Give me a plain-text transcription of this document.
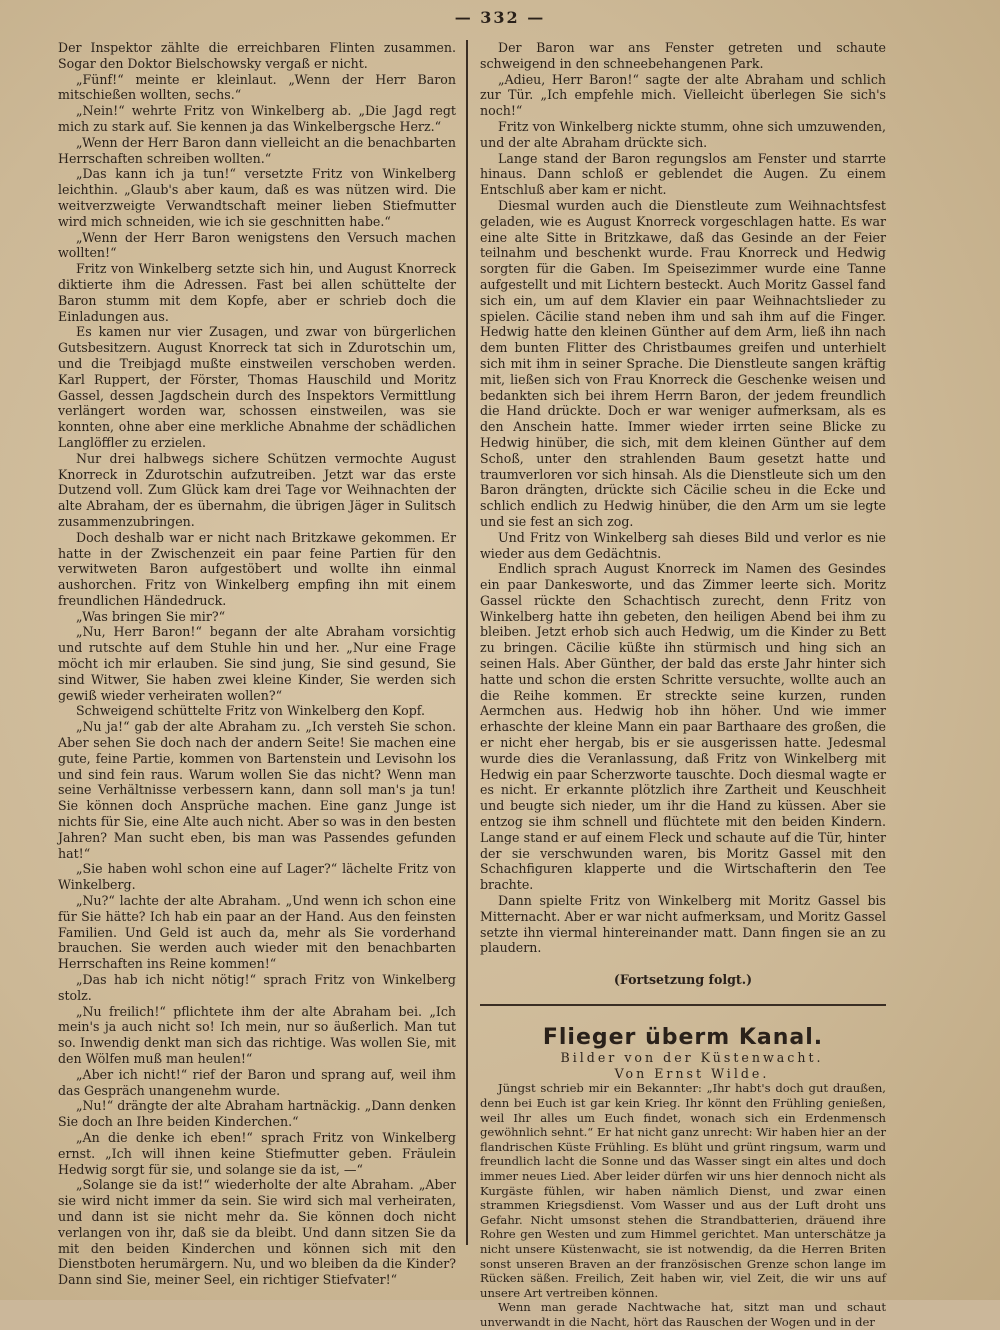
— 332 —

Der Inspektor zählte die erreichbaren Flinten zusammen. Sogar den Doktor Bielschowsky vergaß er nicht.

„Fünf!“ meinte er kleinlaut. „Wenn der Herr Baron mitschießen wollten, sechs.“

„Nein!“ wehrte Fritz von Winkelberg ab. „Die Jagd regt mich zu stark auf. Sie kennen ja das Winkelbergsche Herz.“

„Wenn der Herr Baron dann vielleicht an die benachbarten Herrschaften schreiben wollten.“

„Das kann ich ja tun!“ versetzte Fritz von Winkelberg leichthin. „Glaub's aber kaum, daß es was nützen wird. Die weitverzweigte Verwandtschaft meiner lieben Stiefmutter wird mich schneiden, wie ich sie geschnitten habe.“

„Wenn der Herr Baron wenigstens den Versuch machen wollten!“

Fritz von Winkelberg setzte sich hin, und August Knorreck diktierte ihm die Adressen. Fast bei allen schüttelte der Baron stumm mit dem Kopfe, aber er schrieb doch die Einladungen aus.

Es kamen nur vier Zusagen, und zwar von bürgerlichen Gutsbesitzern. August Knorreck tat sich in Zdurotschin um, und die Treibjagd mußte einstweilen verschoben werden. Karl Ruppert, der Förster, Thomas Hauschild und Moritz Gassel, dessen Jagdschein durch des Inspektors Vermittlung verlängert worden war, schossen einstweilen, was sie konnten, ohne aber eine merkliche Abnahme der schädlichen Langlöffler zu erzielen.

Nur drei halbwegs sichere Schützen vermochte August Knorreck in Zdurotschin aufzutreiben. Jetzt war das erste Dutzend voll. Zum Glück kam drei Tage vor Weihnachten der alte Abraham, der es übernahm, die übrigen Jäger in Sulitsch zusammenzubringen.

Doch deshalb war er nicht nach Britzkawe gekommen. Er hatte in der Zwischenzeit ein paar feine Partien für den verwitweten Baron aufgestöbert und wollte ihn einmal aushorchen. Fritz von Winkelberg empfing ihn mit einem freundlichen Händedruck.

„Was bringen Sie mir?“

„Nu, Herr Baron!“ begann der alte Abraham vorsichtig und rutschte auf dem Stuhle hin und her. „Nur eine Frage möcht ich mir erlauben. Sie sind jung, Sie sind gesund, Sie sind Witwer, Sie haben zwei kleine Kinder, Sie werden sich gewiß wieder verheiraten wollen?“

Schweigend schüttelte Fritz von Winkelberg den Kopf.

„Nu ja!“ gab der alte Abraham zu. „Ich versteh Sie schon. Aber sehen Sie doch nach der andern Seite! Sie machen eine gute, feine Partie, kommen von Bartenstein und Levisohn los und sind fein raus. Warum wollen Sie das nicht? Wenn man seine Verhältnisse verbessern kann, dann soll man's ja tun! Sie können doch Ansprüche machen. Eine ganz Junge ist nichts für Sie, eine Alte auch nicht. Aber so was in den besten Jahren? Man sucht eben, bis man was Passendes gefunden hat!“

„Sie haben wohl schon eine auf Lager?“ lächelte Fritz von Winkelberg.

„Nu?“ lachte der alte Abraham. „Und wenn ich schon eine für Sie hätte? Ich hab ein paar an der Hand. Aus den feinsten Familien. Und Geld ist auch da, mehr als Sie vorderhand brauchen. Sie werden auch wieder mit den benachbarten Herrschaften ins Reine kommen!“

„Das hab ich nicht nötig!“ sprach Fritz von Winkelberg stolz.

„Nu freilich!“ pflichtete ihm der alte Abraham bei. „Ich mein's ja auch nicht so! Ich mein, nur so äußerlich. Man tut so. Inwendig denkt man sich das richtige. Was wollen Sie, mit den Wölfen muß man heulen!“

„Aber ich nicht!“ rief der Baron und sprang auf, weil ihm das Gespräch unangenehm wurde.

„Nu!“ drängte der alte Abraham hartnäckig. „Dann denken Sie doch an Ihre beiden Kinderchen.“

„An die denke ich eben!“ sprach Fritz von Winkelberg ernst. „Ich will ihnen keine Stiefmutter geben. Fräulein Hedwig sorgt für sie, und solange sie da ist, —“

„Solange sie da ist!“ wiederholte der alte Abraham. „Aber sie wird nicht immer da sein. Sie wird sich mal verheiraten, und dann ist sie nicht mehr da. Sie können doch nicht verlangen von ihr, daß sie da bleibt. Und dann sitzen Sie da mit den beiden Kinderchen und können sich mit den Dienstboten herumärgern. Nu, und wo bleiben da die Kinder? Dann sind Sie, meiner Seel, ein richtiger Stiefvater!“

Der Baron war ans Fenster getreten und schaute schweigend in den schneebehangenen Park.

„Adieu, Herr Baron!“ sagte der alte Abraham und schlich zur Tür. „Ich empfehle mich. Vielleicht überlegen Sie sich's noch!“

Fritz von Winkelberg nickte stumm, ohne sich umzuwenden, und der alte Abraham drückte sich.

Lange stand der Baron regungslos am Fenster und starrte hinaus. Dann schloß er geblendet die Augen. Zu einem Entschluß aber kam er nicht.

Diesmal wurden auch die Dienstleute zum Weihnachtsfest geladen, wie es August Knorreck vorgeschlagen hatte. Es war eine alte Sitte in Britzkawe, daß das Gesinde an der Feier teilnahm und beschenkt wurde. Frau Knorreck und Hedwig sorgten für die Gaben. Im Speisezimmer wurde eine Tanne aufgestellt und mit Lichtern besteckt. Auch Moritz Gassel fand sich ein, um auf dem Klavier ein paar Weihnachtslieder zu spielen. Cäcilie stand neben ihm und sah ihm auf die Finger. Hedwig hatte den kleinen Günther auf dem Arm, ließ ihn nach dem bunten Flitter des Christbaumes greifen und unterhielt sich mit ihm in seiner Sprache. Die Dienstleute sangen kräftig mit, ließen sich von Frau Knorreck die Geschenke weisen und bedankten sich bei ihrem Herrn Baron, der jedem freundlich die Hand drückte. Doch er war weniger aufmerksam, als es den Anschein hatte. Immer wieder irrten seine Blicke zu Hedwig hinüber, die sich, mit dem kleinen Günther auf dem Schoß, unter den strahlenden Baum gesetzt hatte und traumverloren vor sich hinsah. Als die Dienstleute sich um den Baron drängten, drückte sich Cäcilie scheu in die Ecke und schlich endlich zu Hedwig hinüber, die den Arm um sie legte und sie fest an sich zog.

Und Fritz von Winkelberg sah dieses Bild und verlor es nie wieder aus dem Gedächtnis.

Endlich sprach August Knorreck im Namen des Gesindes ein paar Dankesworte, und das Zimmer leerte sich. Moritz Gassel rückte den Schachtisch zurecht, denn Fritz von Winkelberg hatte ihn gebeten, den heiligen Abend bei ihm zu bleiben. Jetzt erhob sich auch Hedwig, um die Kinder zu Bett zu bringen. Cäcilie küßte ihn stürmisch und hing sich an seinen Hals. Aber Günther, der bald das erste Jahr hinter sich hatte und schon die ersten Schritte versuchte, wollte auch an die Reihe kommen. Er streckte seine kurzen, runden Aermchen aus. Hedwig hob ihn höher. Und wie immer erhaschte der kleine Mann ein paar Barthaare des großen, die er nicht eher hergab, bis er sie ausgerissen hatte. Jedesmal wurde dies die Veranlassung, daß Fritz von Winkelberg mit Hedwig ein paar Scherzworte tauschte. Doch diesmal wagte er es nicht. Er erkannte plötzlich ihre Zartheit und Keuschheit und beugte sich nieder, um ihr die Hand zu küssen. Aber sie entzog sie ihm schnell und flüchtete mit den beiden Kindern. Lange stand er auf einem Fleck und schaute auf die Tür, hinter der sie verschwunden waren, bis Moritz Gassel mit den Schachfiguren klapperte und die Wirtschafterin den Tee brachte.

Dann spielte Fritz von Winkelberg mit Moritz Gassel bis Mitternacht. Aber er war nicht aufmerksam, und Moritz Gassel setzte ihn viermal hintereinander matt. Dann fingen sie an zu plaudern.

(Fortsetzung folgt.)

Flieger überm Kanal.

Bilder von der Küstenwacht.

Von Ernst Wilde.

Jüngst schrieb mir ein Bekannter: „Ihr habt's doch gut draußen, denn bei Euch ist gar kein Krieg. Ihr könnt den Frühling genießen, weil Ihr alles um Euch findet, wonach sich ein Erdenmensch gewöhnlich sehnt.“ Er hat nicht ganz unrecht: Wir haben hier an der flandrischen Küste Frühling. Es blüht und grünt ringsum, warm und freundlich lacht die Sonne und das Wasser singt ein altes und doch immer neues Lied. Aber leider dürfen wir uns hier dennoch nicht als Kurgäste fühlen, wir haben nämlich Dienst, und zwar einen strammen Kriegsdienst. Vom Wasser und aus der Luft droht uns Gefahr. Nicht umsonst stehen die Strandbatterien, dräuend ihre Rohre gen Westen und zum Himmel gerichtet. Man unterschätze ja nicht unsere Küstenwacht, sie ist notwendig, da die Herren Briten sonst unseren Braven an der französischen Grenze schon lange im Rücken säßen. Freilich, Zeit haben wir, viel Zeit, die wir uns auf unsere Art vertreiben können.

Wenn man gerade Nachtwache hat, sitzt man und schaut unverwandt in die Nacht, hört das Rauschen der Wogen und in der
